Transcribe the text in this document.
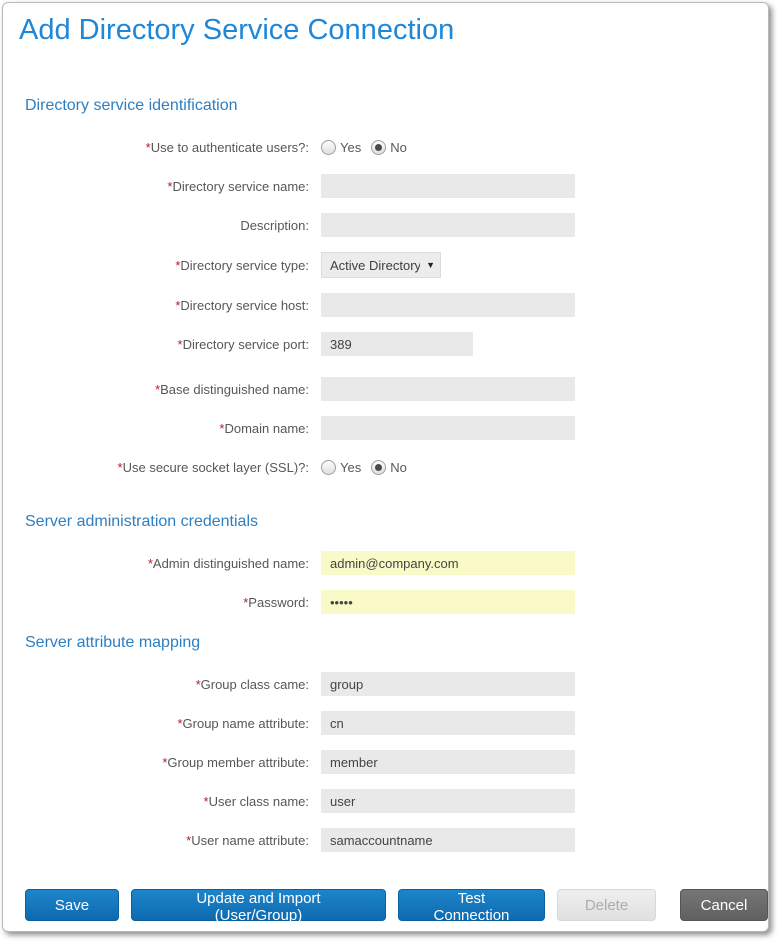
Add Directory Service Connection
Directory service identification
*Use to authenticate users?:	Yes No
*Directory service name:
Description:
*Directory service type:
Active Directory	▼
*Directory service host:
*Directory service port:
389
*Base distinguished name:
*Domain name:
*Use secure socket layer (SSL)?:	Yes No
Server administration credentials
*Admin distinguished name:
admin@company.com
*Password:
•••••
Server attribute mapping
*Group class came:
group
*Group name attribute:
cn
*Group member attribute:
member
*User class name:
user
*User name attribute:
samaccountname
Save	Update and Import (User/Group)
Test Connection
Delete	Cancel
